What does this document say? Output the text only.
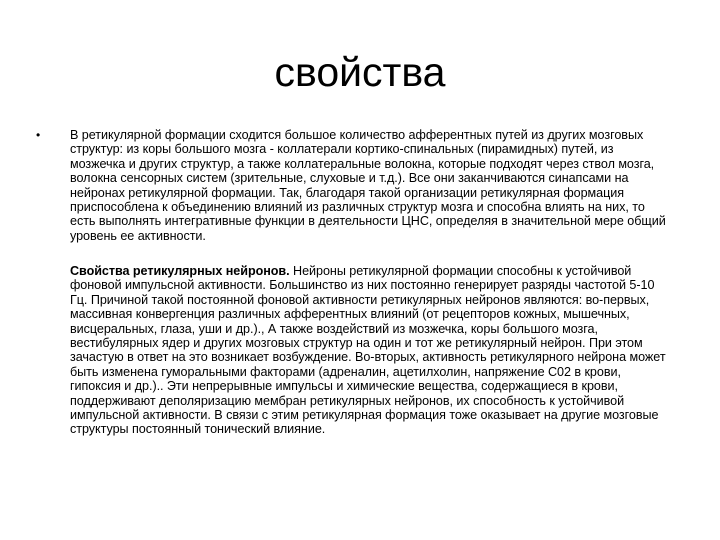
свойства
• В ретикулярной формации сходится большое количество афферентных путей из других мозговых структур: из коры большого мозга - коллатерали кортико-спинальных (пирамидных) путей, из мозжечка и других структур, а также коллатеральные волокна, которые подходят через ствол мозга, волокна сенсорных систем (зрительные, слуховые и т.д.). Все они заканчиваются синапсами на нейронах ретикулярной формации. Так, благодаря такой организации ретикулярная формация приспособлена к объединению влияний из различных структур мозга и способна влиять на них, то есть выполнять интегративные функции в деятельности ЦНС, определяя в значительной мере общий уровень ее активности.
Свойства ретикулярных нейронов. Нейроны ретикулярной формации способны к устойчивой фоновой импульсной активности. Большинство из них постоянно генерирует разряды частотой 5-10 Гц. Причиной такой постоянной фоновой активности ретикулярных нейронов являются: во-первых, массивная конвергенция различных афферентных влияний (от рецепторов кожных, мышечных, висцеральных, глаза, уши и др.)., А также воздействий из мозжечка, коры большого мозга, вестибулярных ядер и других мозговых структур на один и тот же ретикулярный нейрон. При этом зачастую в ответ на это возникает возбуждение. Во-вторых, активность ретикулярного нейрона может быть изменена гуморальными факторами (адреналин, ацетилхолин, напряжение С02 в крови, гипоксия и др.).. Эти непрерывные импульсы и химические вещества, содержащиеся в крови, поддерживают деполяризацию мембран ретикулярных нейронов, их способность к устойчивой импульсной активности. В связи с этим ретикулярная формация тоже оказывает на другие мозговые структуры постоянный тонический влияние.
